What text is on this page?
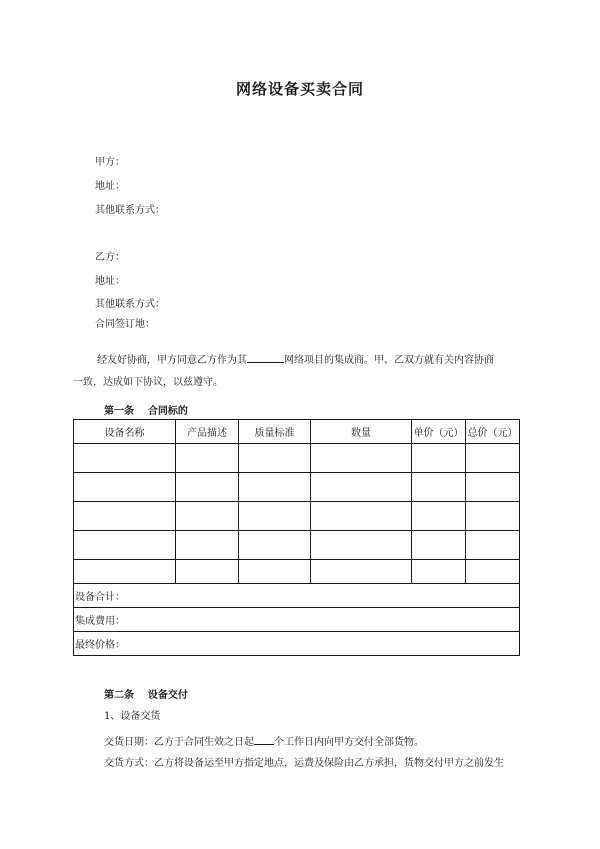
网络设备买卖合同
甲方：
地址：
其他联系方式：
乙方：
地址：
其他联系方式：
合同签订地：
经友好协商，甲方同意乙方作为其	网络项目的集成商。甲、乙双方就有关内容协商
一致，达成如下协议，以兹遵守。
第一条    合同标的
设备名称	产品描述	质量标准	数量	单价（元）	总价（元）

设备合计：					
集成费用：					
最终价格：					
第二条    设备交付
1、设备交货
交货日期：乙方于合同生效之日起 个工作日内向甲方交付全部货物。
交货方式：乙方将设备运至甲方指定地点，运费及保险由乙方承担，货物交付甲方之前发生
